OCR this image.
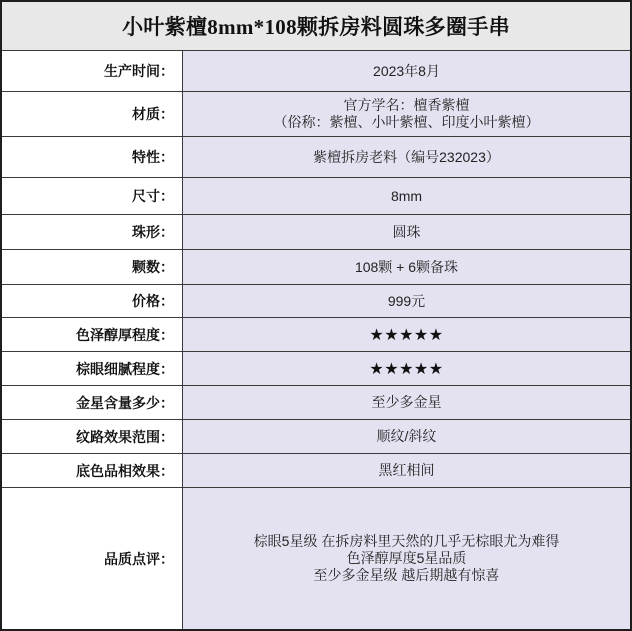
小叶紫檀8mm*108颗拆房料圆珠多圈手串
生产时间：	2023年8月
材质：
官方学名：檀香紫檀
（俗称：紫檀、小叶紫檀、印度小叶紫檀）
特性：	紫檀拆房老料（编号232023）
尺寸：	8mm
珠形：	圆珠
颗数：	108颗 + 6颗备珠
价格：	999元
色泽醇厚程度：	★★★★★
棕眼细腻程度：	★★★★★
金星含量多少：	至少多金星
纹路效果范围：	顺纹/斜纹
底色品相效果：	黑红相间
品质点评：
棕眼5星级 在拆房料里天然的几乎无棕眼尤为难得
色泽醇厚度5星品质
至少多金星级 越后期越有惊喜
